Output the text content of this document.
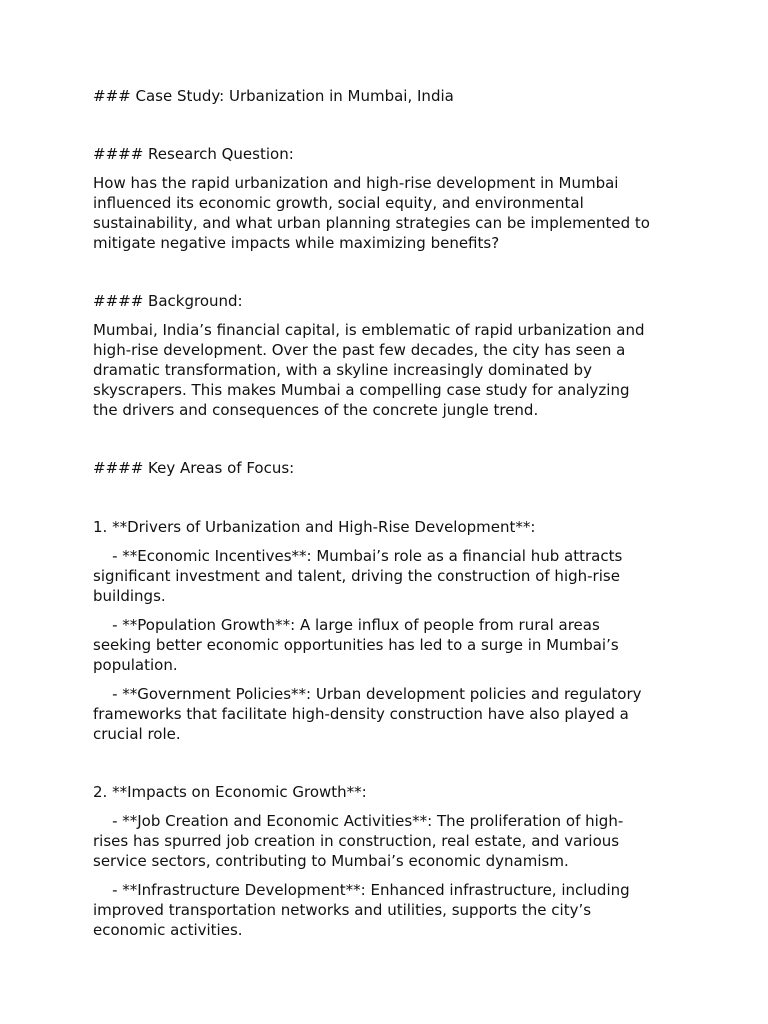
### Case Study: Urbanization in Mumbai, India

#### Research Question:

How has the rapid urbanization and high-rise development in Mumbai

influenced its economic growth, social equity, and environmental

sustainability, and what urban planning strategies can be implemented to

mitigate negative impacts while maximizing benefits?

#### Background:

Mumbai, India’s financial capital, is emblematic of rapid urbanization and

high-rise development. Over the past few decades, the city has seen a

dramatic transformation, with a skyline increasingly dominated by

skyscrapers. This makes Mumbai a compelling case study for analyzing

the drivers and consequences of the concrete jungle trend.

#### Key Areas of Focus:

1. **Drivers of Urbanization and High-Rise Development**:

- **Economic Incentives**: Mumbai’s role as a financial hub attracts

significant investment and talent, driving the construction of high-rise

buildings.

- **Population Growth**: A large influx of people from rural areas

seeking better economic opportunities has led to a surge in Mumbai’s

population.

- **Government Policies**: Urban development policies and regulatory

frameworks that facilitate high-density construction have also played a

crucial role.

2. **Impacts on Economic Growth**:

- **Job Creation and Economic Activities**: The proliferation of high-

rises has spurred job creation in construction, real estate, and various

service sectors, contributing to Mumbai’s economic dynamism.

- **Infrastructure Development**: Enhanced infrastructure, including

improved transportation networks and utilities, supports the city’s

economic activities.
